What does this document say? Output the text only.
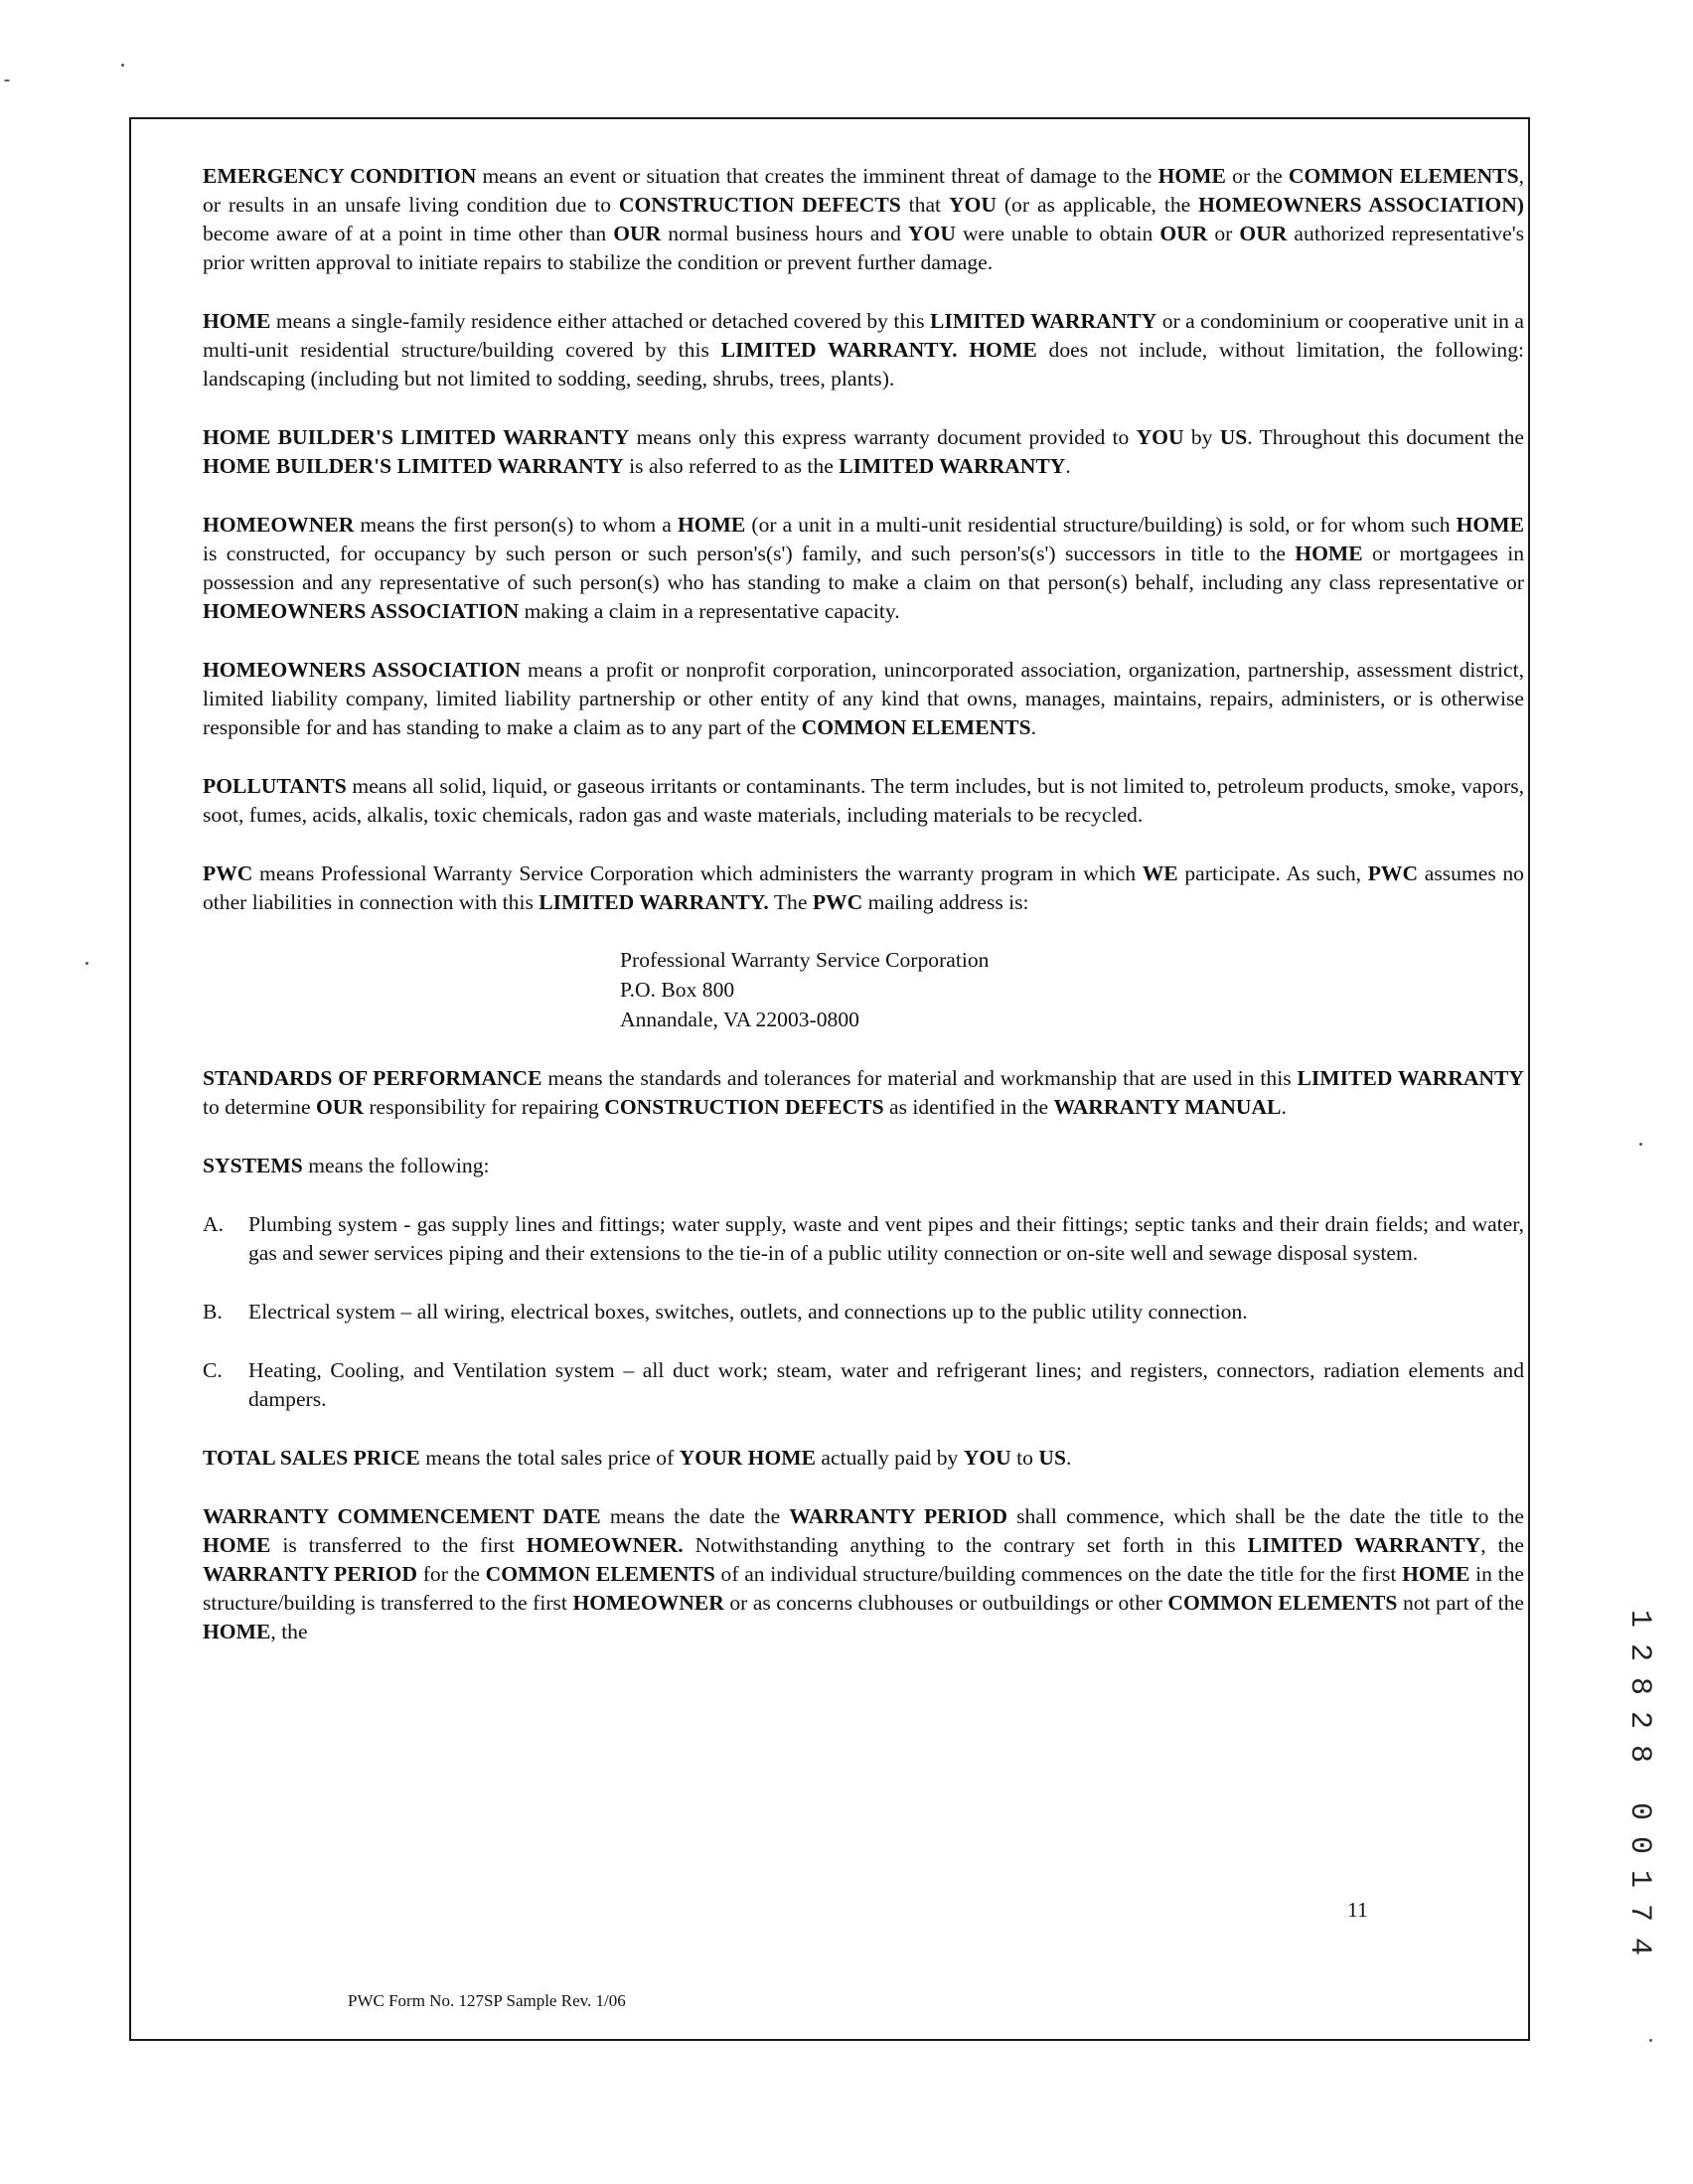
EMERGENCY CONDITION means an event or situation that creates the imminent threat of damage to the HOME or the COMMON ELEMENTS, or results in an unsafe living condition due to CONSTRUCTION DEFECTS that YOU (or as applicable, the HOMEOWNERS ASSOCIATION) become aware of at a point in time other than OUR normal business hours and YOU were unable to obtain OUR or OUR authorized representative's prior written approval to initiate repairs to stabilize the condition or prevent further damage.

HOME means a single-family residence either attached or detached covered by this LIMITED WARRANTY or a condominium or cooperative unit in a multi-unit residential structure/building covered by this LIMITED WARRANTY. HOME does not include, without limitation, the following: landscaping (including but not limited to sodding, seeding, shrubs, trees, plants).

HOME BUILDER'S LIMITED WARRANTY means only this express warranty document provided to YOU by US. Throughout this document the HOME BUILDER'S LIMITED WARRANTY is also referred to as the LIMITED WARRANTY.

HOMEOWNER means the first person(s) to whom a HOME (or a unit in a multi-unit residential structure/building) is sold, or for whom such HOME is constructed, for occupancy by such person or such person's(s') family, and such person's(s') successors in title to the HOME or mortgagees in possession and any representative of such person(s) who has standing to make a claim on that person(s) behalf, including any class representative or HOMEOWNERS ASSOCIATION making a claim in a representative capacity.

HOMEOWNERS ASSOCIATION means a profit or nonprofit corporation, unincorporated association, organization, partnership, assessment district, limited liability company, limited liability partnership or other entity of any kind that owns, manages, maintains, repairs, administers, or is otherwise responsible for and has standing to make a claim as to any part of the COMMON ELEMENTS.

POLLUTANTS means all solid, liquid, or gaseous irritants or contaminants. The term includes, but is not limited to, petroleum products, smoke, vapors, soot, fumes, acids, alkalis, toxic chemicals, radon gas and waste materials, including materials to be recycled.

PWC means Professional Warranty Service Corporation which administers the warranty program in which WE participate. As such, PWC assumes no other liabilities in connection with this LIMITED WARRANTY. The PWC mailing address is:

Professional Warranty Service Corporation
P.O. Box 800
Annandale, VA 22003-0800

STANDARDS OF PERFORMANCE means the standards and tolerances for material and workmanship that are used in this LIMITED WARRANTY to determine OUR responsibility for repairing CONSTRUCTION DEFECTS as identified in the WARRANTY MANUAL.

SYSTEMS means the following:

A.	Plumbing system - gas supply lines and fittings; water supply, waste and vent pipes and their fittings; septic tanks and their drain fields; and water, gas and sewer services piping and their extensions to the tie-in of a public utility connection or on-site well and sewage disposal system.
B.	Electrical system – all wiring, electrical boxes, switches, outlets, and connections up to the public utility connection.
C.	Heating, Cooling, and Ventilation system – all duct work; steam, water and refrigerant lines; and registers, connectors, radiation elements and dampers.

TOTAL SALES PRICE means the total sales price of YOUR HOME actually paid by YOU to US.

WARRANTY COMMENCEMENT DATE means the date the WARRANTY PERIOD shall commence, which shall be the date the title to the HOME is transferred to the first HOMEOWNER. Notwithstanding anything to the contrary set forth in this LIMITED WARRANTY, the WARRANTY PERIOD for the COMMON ELEMENTS of an individual structure/building commences on the date the title for the first HOME in the structure/building is transferred to the first HOMEOWNER or as concerns clubhouses or outbuildings or other COMMON ELEMENTS not part of the HOME, the

11
PWC Form No. 127SP Sample Rev. 1/06
1
2
8
2
8
0
0
1
7
4
